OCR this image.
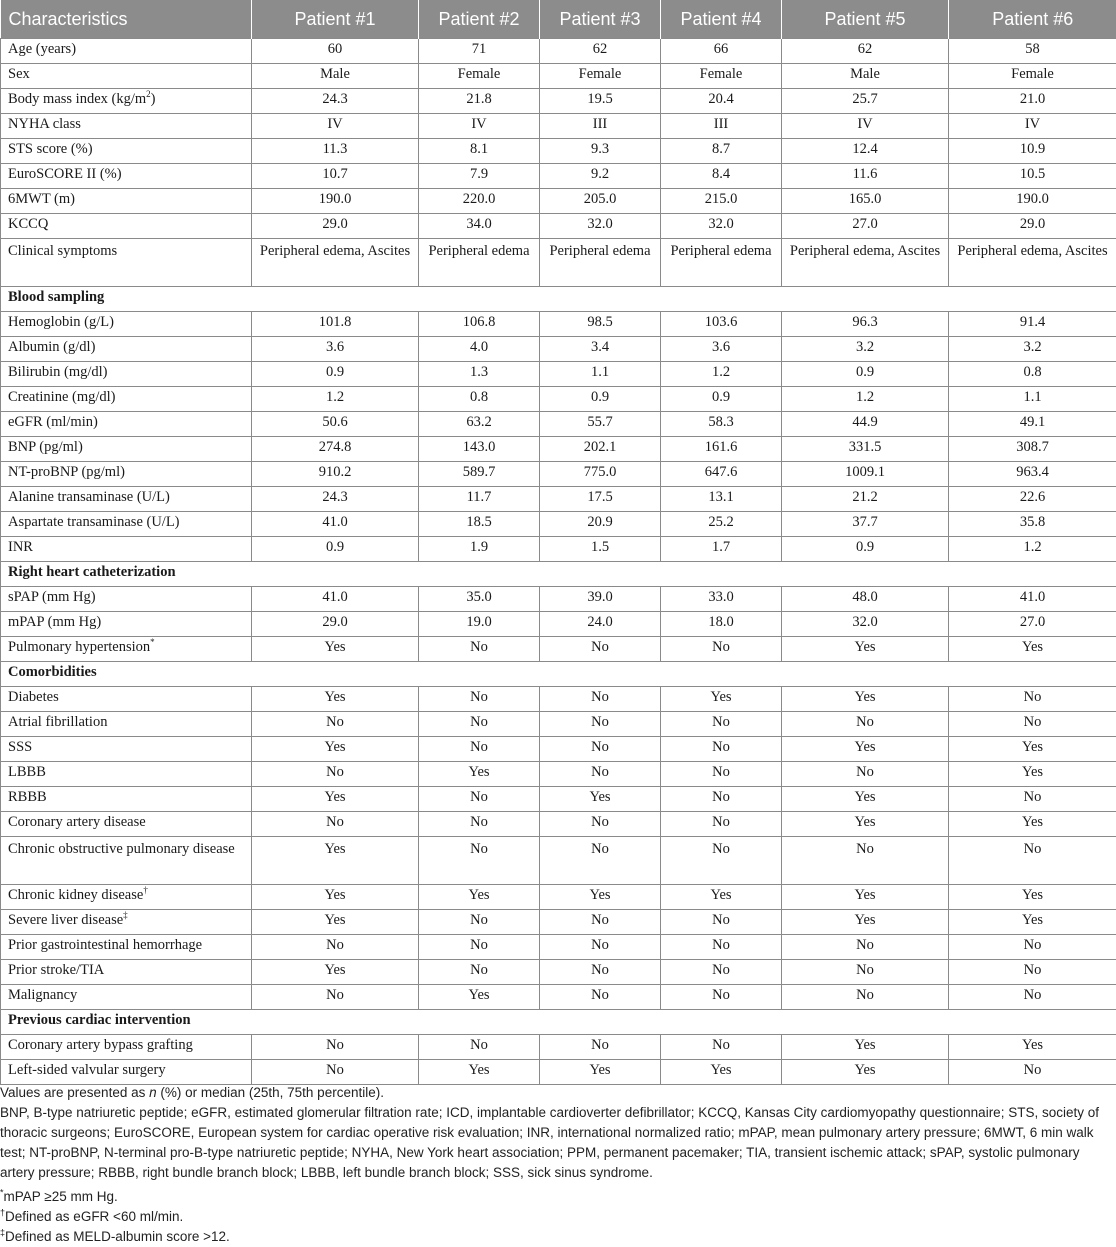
Characteristics	Patient #1	Patient #2	Patient #3	Patient #4	Patient #5	Patient #6
Age (years)	60	71	62	66	62	58
Sex	Male	Female	Female	Female	Male	Female
Body mass index $(kg/m^2)$	24.3	21.8	19.5	20.4	25.7	21.0
NYHA class	IV	IV	III	III	IV	IV
STS score (%)	11.3	8.1	9.3	8.7	12.4	10.9
EuroSCORE II (%)	10.7	7.9	9.2	8.4	11.6	10.5
6MWT (m)	190.0	220.0	205.0	215.0	165.0	190.0
KCCQ	29.0	34.0	32.0	32.0	27.0	29.0
Clinical symptoms	Peripheral edema, Ascites	Peripheral edema	Peripheral edema	Peripheral edema	Peripheral edema, Ascites	Peripheral edema, Ascites
Blood sampling						
Hemoglobin (g/L)	101.8	106.8	98.5	103.6	96.3	91.4
Albumin (g/dl)	3.6	4.0	3.4	3.6	3.2	3.2
Bilirubin (mg/dl)	0.9	1.3	1.1	1.2	0.9	0.8
Creatinine (mg/dl)	1.2	0.8	0.9	0.9	1.2	1.1
eGFR (ml/min)	50.6	63.2	55.7	58.3	44.9	49.1
BNP (pg/ml)	274.8	143.0	202.1	161.6	331.5	308.7
NT-proBNP (pg/ml)	910.2	589.7	775.0	647.6	1009.1	963.4
Alanine transaminase (U/L)	24.3	11.7	17.5	13.1	21.2	22.6
Aspartate transaminase (U/L)	41.0	18.5	20.9	25.2	37.7	35.8
INR	0.9	1.9	1.5	1.7	0.9	1.2
Right heart catheterization						
sPAP (mm Hg)	41.0	35.0	39.0	33.0	48.0	41.0
mPAP (mm Hg)	29.0	19.0	24.0	18.0	32.0	27.0
Pulmonary hypertension*	Yes	No	No	No	Yes	Yes
Comorbidities						
Diabetes	Yes	No	No	Yes	Yes	No
Atrial fibrillation	No	No	No	No	No	No
SSS	Yes	No	No	No	Yes	Yes
LBBB	No	Yes	No	No	No	Yes
RBBB	Yes	No	Yes	No	Yes	No
Coronary artery disease	No	No	No	No	Yes	Yes
Chronic obstructive pulmonary disease	Yes	No	No	No	No	No
Chronic kidney disease†	Yes	Yes	Yes	Yes	Yes	Yes
Severe liver disease‡	Yes	No	No	No	Yes	Yes
Prior gastrointestinal hemorrhage	No	No	No	No	No	No
Prior stroke/TIA	Yes	No	No	No	No	No
Malignancy	No	Yes	No	No	No	No
Previous cardiac intervention						
Coronary artery bypass grafting	No	No	No	No	Yes	Yes
Left-sided valvular surgery	No	Yes	Yes	Yes	Yes	No

Values are presented as n (%) or median (25th, 75th percentile).

BNP, B-type natriuretic peptide; eGFR, estimated glomerular filtration rate; ICD, implantable cardioverter defibrillator; KCCQ, Kansas City cardiomyopathy questionnaire; STS, society of thoracic surgeons; EuroSCORE, European system for cardiac operative risk evaluation; INR, international normalized ratio; mPAP, mean pulmonary artery pressure; 6MWT, 6 min walk test; NT-proBNP, N-terminal pro-B-type natriuretic peptide; NYHA, New York heart association; PPM, permanent pacemaker; TIA, transient ischemic attack; sPAP, systolic pulmonary artery pressure; RBBB, right bundle branch block; LBBB, left bundle branch block; SSS, sick sinus syndrome.

*mPAP ≥25 mm Hg.

†Defined as eGFR <60 ml/min.

‡Defined as MELD-albumin score >12.
